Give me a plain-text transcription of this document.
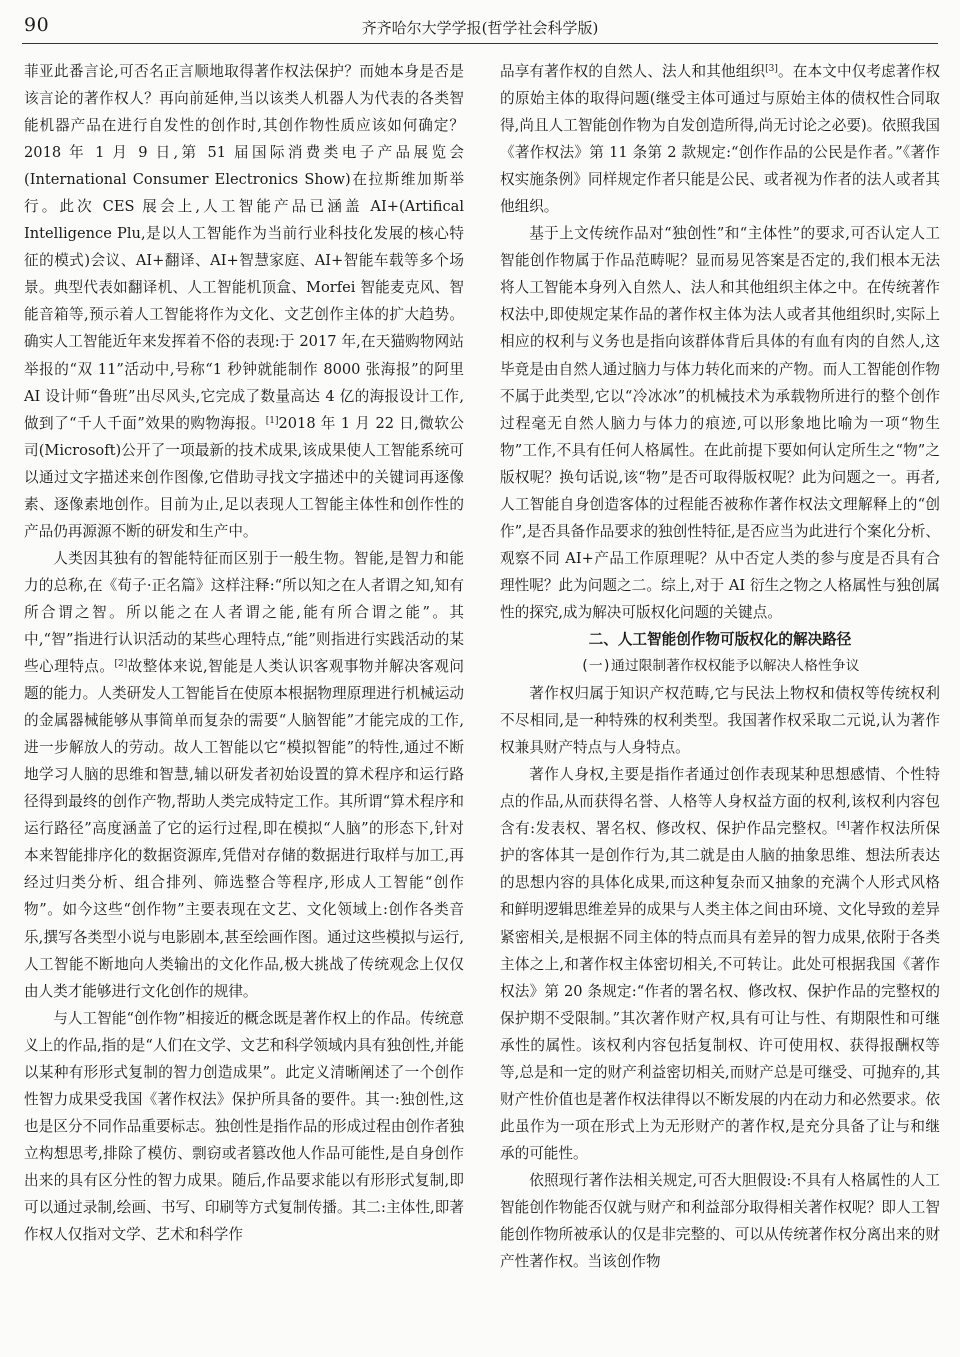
90	齐齐哈尔大学学报(哲学社会科学版)

菲亚此番言论,可否名正言顺地取得著作权法保护？而她本身是否是该言论的著作权人？再向前延伸,当以该类人机器人为代表的各类智能机器产品在进行自发性的创作时,其创作物性质应该如何确定？2018 年 1 月 9 日,第 51 届国际消费类电子产品展览会(International Consumer Electronics Show)在拉斯维加斯举行。此次 CES 展会上,人工智能产品已涵盖 AI+(Artifical Intelligence Plu,是以人工智能作为当前行业科技化发展的核心特征的模式)会议、AI+翻译、AI+智慧家庭、AI+智能车载等多个场景。典型代表如翻译机、人工智能机顶盒、Morfei 智能麦克风、智能音箱等,预示着人工智能将作为文化、文艺创作主体的扩大趋势。确实人工智能近年来发挥着不俗的表现:于 2017 年,在天猫购物网站举报的“双 11”活动中,号称“1 秒钟就能制作 8000 张海报”的阿里 AI 设计师“鲁班”出尽风头,它完成了数量高达 4 亿的海报设计工作,做到了“千人千面”效果的购物海报。[1]2018 年 1 月 22 日,微软公司(Microsoft)公开了一项最新的技术成果,该成果使人工智能系统可以通过文字描述来创作图像,它借助寻找文字描述中的关键词再逐像素、逐像素地创作。目前为止,足以表现人工智能主体性和创作性的产品仍再源源不断的研发和生产中。

人类因其独有的智能特征而区别于一般生物。智能,是智力和能力的总称,在《荀子·正名篇》这样注释:“所以知之在人者谓之知,知有所合谓之智。所以能之在人者谓之能,能有所合谓之能”。其中,“智”指进行认识活动的某些心理特点,“能”则指进行实践活动的某些心理特点。[2]故整体来说,智能是人类认识客观事物并解决客观问题的能力。人类研发人工智能旨在使原本根据物理原理进行机械运动的金属器械能够从事简单而复杂的需要“人脑智能”才能完成的工作,进一步解放人的劳动。故人工智能以它“模拟智能”的特性,通过不断地学习人脑的思维和智慧,辅以研发者初始设置的算术程序和运行路径得到最终的创作产物,帮助人类完成特定工作。其所谓“算术程序和运行路径”高度涵盖了它的运行过程,即在模拟“人脑”的形态下,针对本来智能排序化的数据资源库,凭借对存储的数据进行取样与加工,再经过归类分析、组合排列、筛选整合等程序,形成人工智能“创作物”。如今这些“创作物”主要表现在文艺、文化领域上:创作各类音乐,撰写各类型小说与电影剧本,甚至绘画作图。通过这些模拟与运行,人工智能不断地向人类输出的文化作品,极大挑战了传统观念上仅仅由人类才能够进行文化创作的规律。

与人工智能“创作物”相接近的概念既是著作权上的作品。传统意义上的作品,指的是“人们在文学、文艺和科学领域内具有独创性,并能以某种有形形式复制的智力创造成果”。此定义清晰阐述了一个创作性智力成果受我国《著作权法》保护所具备的要件。其一:独创性,这也是区分不同作品重要标志。独创性是指作品的形成过程由创作者独立构想思考,排除了模仿、剽窃或者篡改他人作品可能性,是自身创作出来的具有区分性的智力成果。随后,作品要求能以有形形式复制,即可以通过录制,绘画、书写、印刷等方式复制传播。其二:主体性,即著作权人仅指对文学、艺术和科学作

品享有著作权的自然人、法人和其他组织[3]。在本文中仅考虑著作权的原始主体的取得问题(继受主体可通过与原始主体的债权性合同取得,尚且人工智能创作物为自发创造所得,尚无讨论之必要)。依照我国《著作权法》第 11 条第 2 款规定:“创作作品的公民是作者。”《著作权实施条例》同样规定作者只能是公民、或者视为作者的法人或者其他组织。

基于上文传统作品对“独创性”和“主体性”的要求,可否认定人工智能创作物属于作品范畴呢？显而易见答案是否定的,我们根本无法将人工智能本身列入自然人、法人和其他组织主体之中。在传统著作权法中,即使规定某作品的著作权主体为法人或者其他组织时,实际上相应的权利与义务也是指向该群体背后具体的有血有肉的自然人,这毕竟是由自然人通过脑力与体力转化而来的产物。而人工智能创作物不属于此类型,它以“冷冰冰”的机械技术为承载物所进行的整个创作过程毫无自然人脑力与体力的痕迹,可以形象地比喻为一项“物生物”工作,不具有任何人格属性。在此前提下要如何认定所生之“物”之版权呢？换句话说,该“物”是否可取得版权呢？此为问题之一。再者,人工智能自身创造客体的过程能否被称作著作权法文理解释上的“创作”,是否具备作品要求的独创性特征,是否应当为此进行个案化分析、观察不同 AI+产品工作原理呢？从中否定人类的参与度是否具有合理性呢？此为问题之二。综上,对于 AI 衍生之物之人格属性与独创属性的探究,成为解决可版权化问题的关键点。

二、人工智能创作物可版权化的解决路径

(一)通过限制著作权权能予以解决人格性争议

著作权归属于知识产权范畴,它与民法上物权和债权等传统权利不尽相同,是一种特殊的权利类型。我国著作权采取二元说,认为著作权兼具财产特点与人身特点。

著作人身权,主要是指作者通过创作表现某种思想感情、个性特点的作品,从而获得名誉、人格等人身权益方面的权利,该权利内容包含有:发表权、署名权、修改权、保护作品完整权。[4]著作权法所保护的客体其一是创作行为,其二就是由人脑的抽象思维、想法所表达的思想内容的具体化成果,而这种复杂而又抽象的充满个人形式风格和鲜明逻辑思维差异的成果与人类主体之间由环境、文化导致的差异紧密相关,是根据不同主体的特点而具有差异的智力成果,依附于各类主体之上,和著作权主体密切相关,不可转让。此处可根据我国《著作权法》第 20 条规定:“作者的署名权、修改权、保护作品的完整权的保护期不受限制。”其次著作财产权,具有可让与性、有期限性和可继承性的属性。该权利内容包括复制权、许可使用权、获得报酬权等等,总是和一定的财产利益密切相关,而财产总是可继受、可抛弃的,其财产性价值也是著作权法律得以不断发展的内在动力和必然要求。依此虽作为一项在形式上为无形财产的著作权,是充分具备了让与和继承的可能性。

依照现行著作法相关规定,可否大胆假设:不具有人格属性的人工智能创作物能否仅就与财产和利益部分取得相关著作权呢？即人工智能创作物所被承认的仅是非完整的、可以从传统著作权分离出来的财产性著作权。当该创作物
